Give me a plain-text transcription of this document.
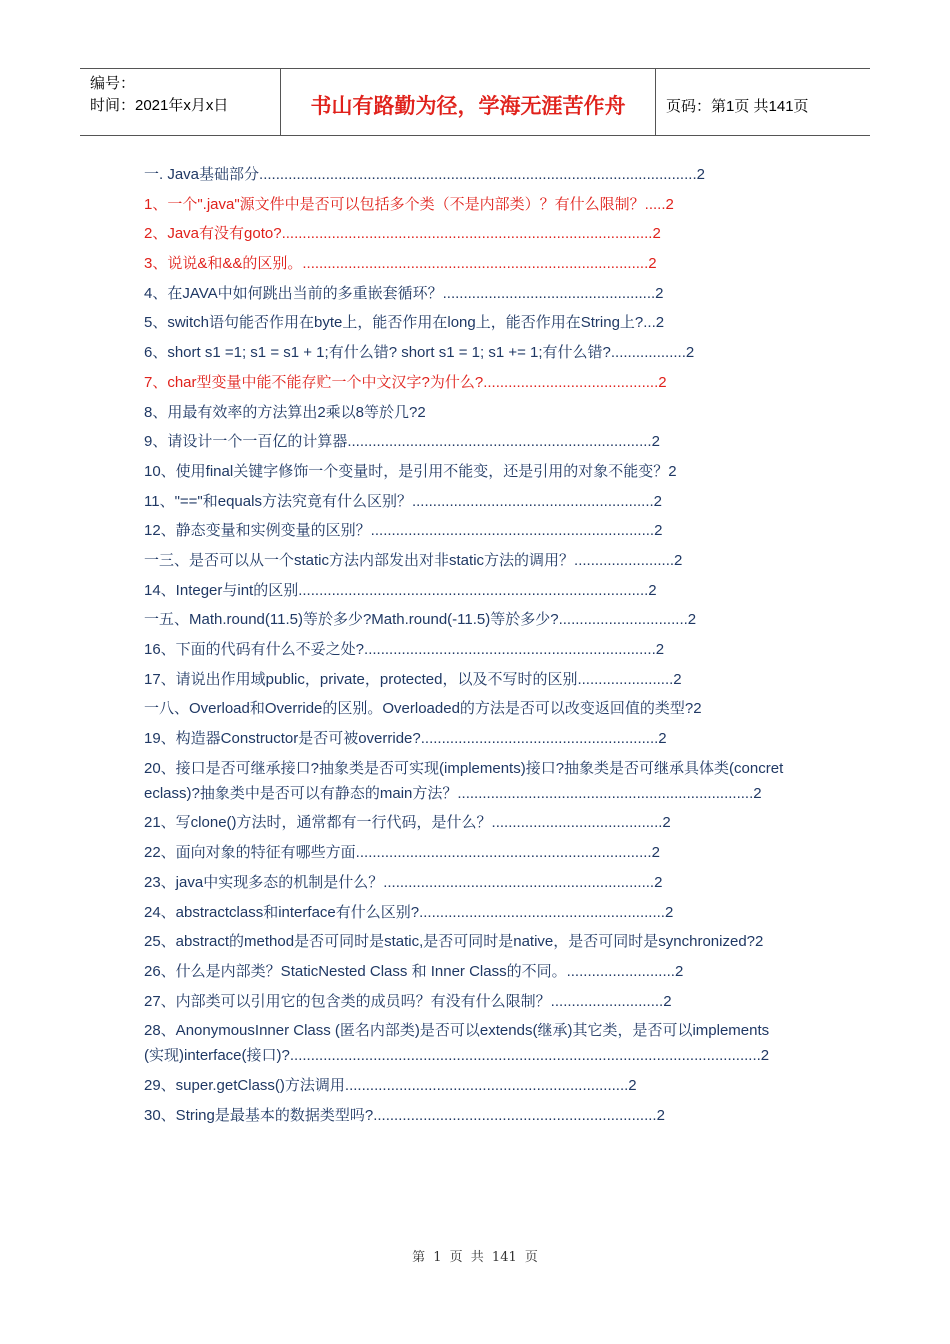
编号：
时间：2021年x月x日	书山有路勤为径，学海无涯苦作舟	页码：第1页 共141页
一. Java基础部分.........................................................................................................2
1、一个".java"源文件中是否可以包括多个类（不是内部类）？有什么限制？.....2
2、Java有没有goto?.........................................................................................2
3、说说&和&&的区别。...................................................................................2
4、在JAVA中如何跳出当前的多重嵌套循环？...................................................2
5、switch语句能否作用在byte上，能否作用在long上，能否作用在String上?...2
6、short s1 =1; s1 = s1 + 1;有什么错? short s1 = 1; s1 += 1;有什么错?..................2
7、char型变量中能不能存贮一个中文汉字?为什么?..........................................2
8、用最有效率的方法算出2乘以8等於几?2
9、请设计一个一百亿的计算器.........................................................................2
10、使用final关键字修饰一个变量时，是引用不能变，还是引用的对象不能变？2
11、"=="和equals方法究竟有什么区别？..........................................................2
12、静态变量和实例变量的区别？....................................................................2
一三、是否可以从一个static方法内部发出对非static方法的调用？........................2
14、Integer与int的区别....................................................................................2
一五、Math.round(11.5)等於多少?Math.round(-11.5)等於多少?...............................2
16、下面的代码有什么不妥之处?......................................................................2
17、请说出作用域public，private，protected，以及不写时的区别.......................2
一八、Overload和Override的区别。Overloaded的方法是否可以改变返回值的类型?2
19、构造器Constructor是否可被override?.........................................................2
20、接口是否可继承接口?抽象类是否可实现(implements)接口?抽象类是否可继承具体类(concreteclass)?抽象类中是否可以有静态的main方法？.......................................................................2
21、写clone()方法时，通常都有一行代码，是什么？.........................................2
22、面向对象的特征有哪些方面.......................................................................2
23、java中实现多态的机制是什么？.................................................................2
24、abstractclass和interface有什么区别?...........................................................2
25、abstract的method是否可同时是static,是否可同时是native，是否可同时是synchronized?2
26、什么是内部类？StaticNested Class 和 Inner Class的不同。..........................2
27、内部类可以引用它的包含类的成员吗？有没有什么限制？...........................2
28、AnonymousInner Class (匿名内部类)是否可以extends(继承)其它类，是否可以implements(实现)interface(接口)?.................................................................................................................2
29、super.getClass()方法调用....................................................................2
30、String是最基本的数据类型吗?....................................................................2
第 1 页 共 141 页
